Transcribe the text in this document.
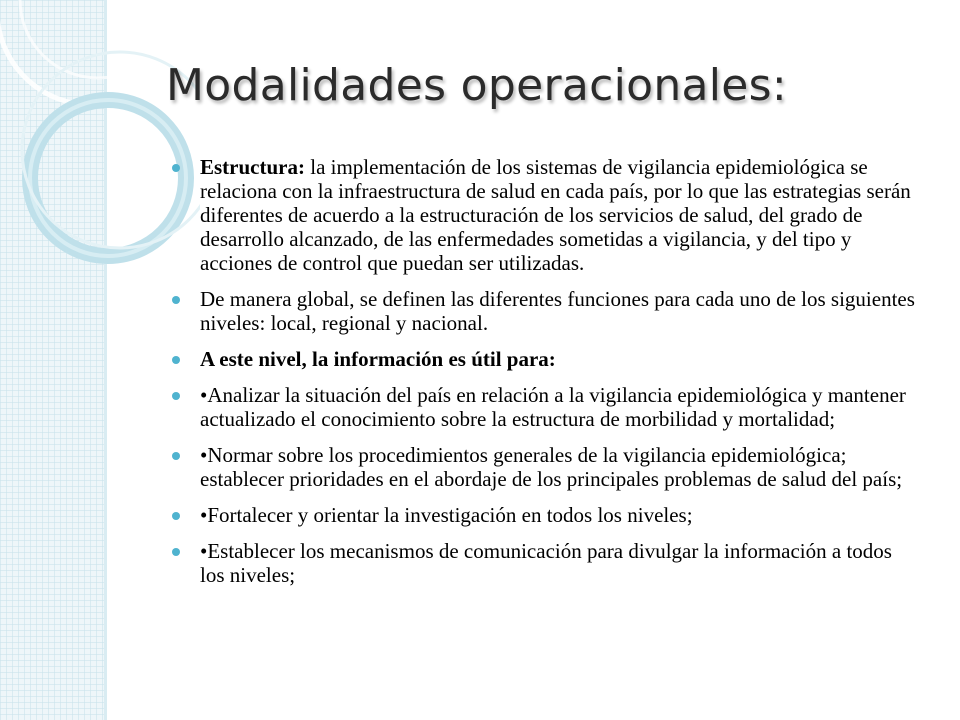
Modalidades operacionales:
Estructura: la implementación de los sistemas de vigilancia epidemiológica se relaciona con la infraestructura de salud en cada país, por lo que las estrategias serán diferentes de acuerdo a la estructuración de los servicios de salud, del grado de desarrollo alcanzado, de las enfermedades sometidas a vigilancia, y del tipo y acciones de control que puedan ser utilizadas.
De manera global, se definen las diferentes funciones para cada uno de los siguientes niveles: local, regional y nacional.
A este nivel, la información es útil para:
•Analizar la situación del país en relación a la vigilancia epidemiológica y mantener actualizado el conocimiento sobre la estructura de morbilidad y mortalidad;
•Normar sobre los procedimientos generales de la vigilancia epidemiológica; establecer prioridades en el abordaje de los principales problemas de salud del país;
•Fortalecer y orientar la investigación en todos los niveles;
•Establecer los mecanismos de comunicación para divulgar la información a todos los niveles;
